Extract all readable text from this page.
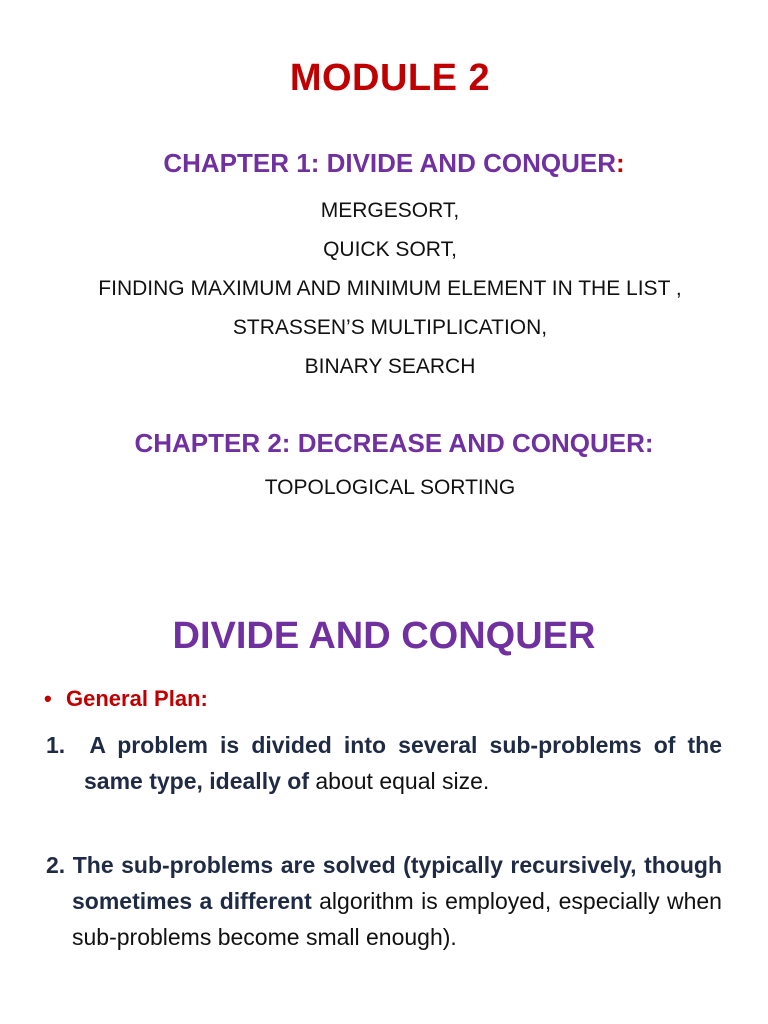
MODULE 2
CHAPTER 1: DIVIDE AND CONQUER:
MERGESORT,
QUICK SORT,
FINDING MAXIMUM AND MINIMUM ELEMENT IN THE LIST ,
STRASSEN’S MULTIPLICATION,
BINARY SEARCH
CHAPTER 2: DECREASE AND CONQUER:
TOPOLOGICAL SORTING
DIVIDE AND CONQUER
• General Plan:
1. A problem is divided into several sub-problems of the same type, ideally of about equal size.
2. The sub-problems are solved (typically recursively, though sometimes a different algorithm is employed, especially when sub-problems become small enough).
